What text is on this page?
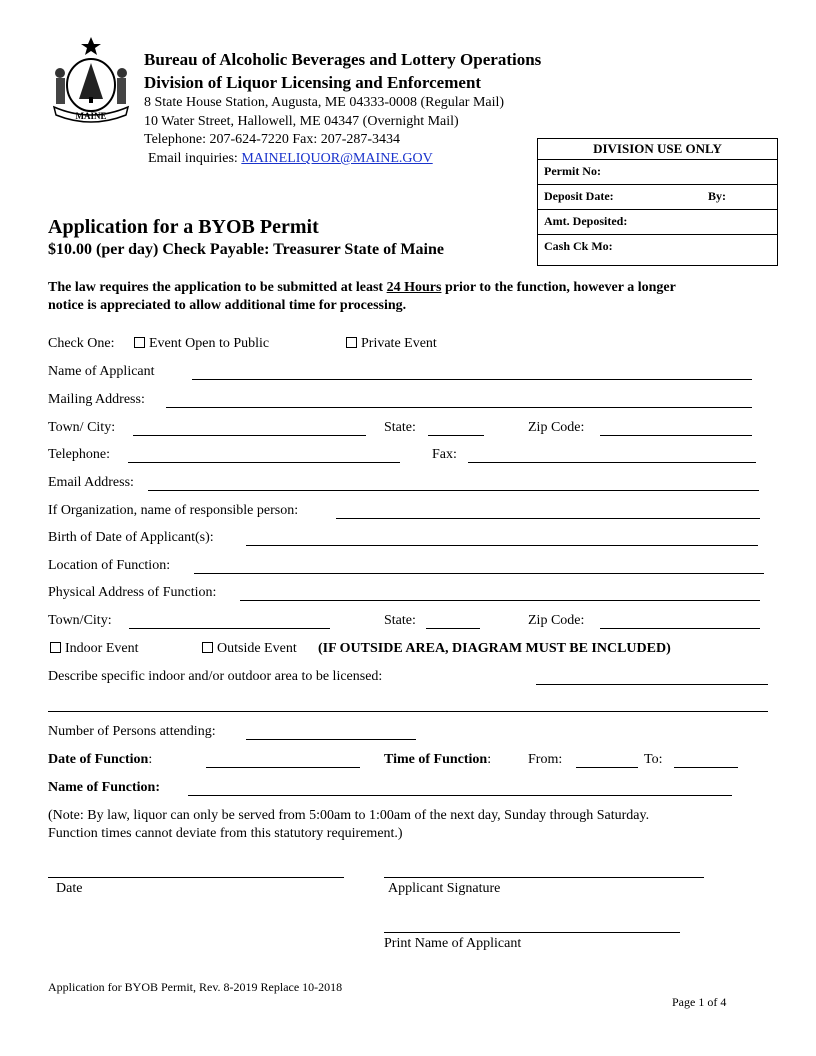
MAINE
Bureau of Alcoholic Beverages and Lottery Operations
Division of Liquor Licensing and Enforcement
8 State House Station, Augusta, ME 04333-0008 (Regular Mail)
10 Water Street, Hallowell, ME 04347 (Overnight Mail)
Telephone: 207-624-7220 Fax: 207-287-3434
Email inquiries: MAINELIQUOR@MAINE.GOV
DIVISION USE ONLY
Permit No:
Deposit Date:	By:
Amt. Deposited:
Cash Ck Mo:
Application for a BYOB Permit
$10.00 (per day) Check Payable: Treasurer State of Maine
The law requires the application to be submitted at least 24 Hours prior to the function, however a longer
notice is appreciated to allow additional time for processing.
Check One:	Event Open to Public	Private Event
Name of Applicant
Mailing Address:
Town/ City:	State:	Zip Code:
Telephone:	Fax:
Email Address:
If Organization, name of responsible person:
Birth of Date of Applicant(s):
Location of Function:
Physical Address of Function:
Town/City:	State:	Zip Code:
Indoor Event	Outside Event (IF OUTSIDE AREA, DIAGRAM MUST BE INCLUDED)
Describe specific indoor and/or outdoor area to be licensed:
Number of Persons attending:
Date of Function:	Time of Function:	From:	To:
Name of Function:
(Note: By law, liquor can only be served from 5:00am to 1:00am of the next day, Sunday through Saturday.
Function times cannot deviate from this statutory requirement.)
Date	Applicant Signature
Print Name of Applicant
Application for BYOB Permit, Rev. 8-2019 Replace 10-2018
Page 1 of 4
